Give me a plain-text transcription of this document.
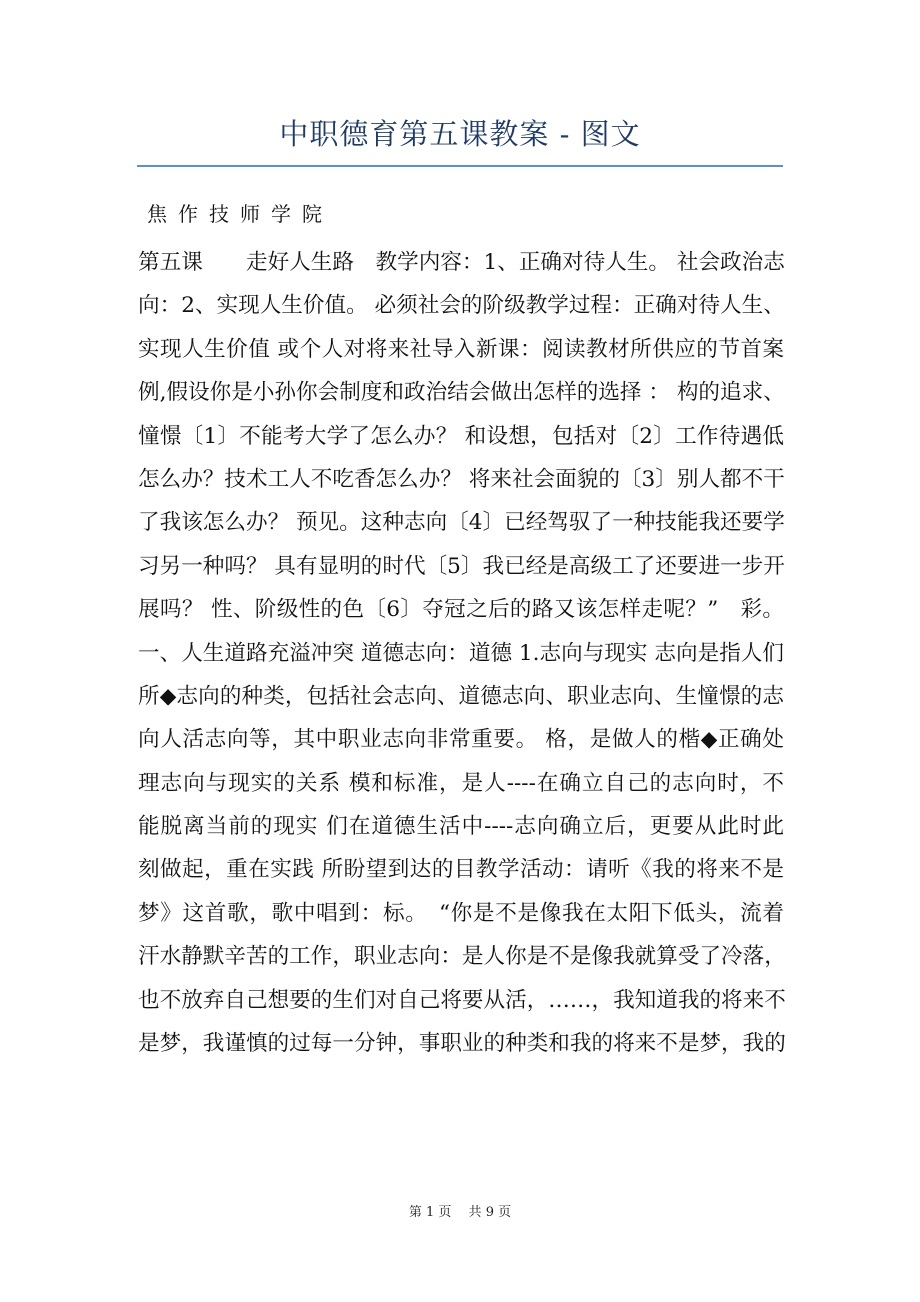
中职德育第五课教案 - 图文
焦作技师学院
第五课　　走好人生路　教学内容：1、正确对待人生。 社会政治志
向：2、实现人生价值。 必须社会的阶级教学过程：正确对待人生、
实现人生价值 或个人对将来社导入新课：阅读教材所供应的节首案
例,假设你是小孙你会制度和政治结会做出怎样的选择 ： 构的追求、
憧憬〔1〕不能考大学了怎么办？ 和设想，包括对〔2〕工作待遇低
怎么办？技术工人不吃香怎么办？ 将来社会面貌的〔3〕别人都不干
了我该怎么办？ 预见。这种志向〔4〕已经驾驭了一种技能我还要学
习另一种吗？ 具有显明的时代〔5〕我已经是高级工了还要进一步开
展吗？ 性、阶级性的色〔6〕夺冠之后的路又该怎样走呢？”　彩。
一、人生道路充溢冲突 道德志向：道德 1.志向与现实 志向是指人们
所◆志向的种类，包括社会志向、道德志向、职业志向、生憧憬的志
向人活志向等，其中职业志向非常重要。 格，是做人的楷◆正确处
理志向与现实的关系 模和标准，是人----在确立自己的志向时，不
能脱离当前的现实 们在道德生活中----志向确立后，更要从此时此
刻做起，重在实践 所盼望到达的目教学活动：请听《我的将来不是
梦》这首歌，歌中唱到：标。　“你是不是像我在太阳下低头，流着
汗水静默辛苦的工作，职业志向：是人你是不是像我就算受了冷落，
也不放弃自己想要的生们对自己将要从活，……，我知道我的将来不
是梦，我谨慎的过每一分钟，事职业的种类和我的将来不是梦，我的
第 1 页　 共 9 页
